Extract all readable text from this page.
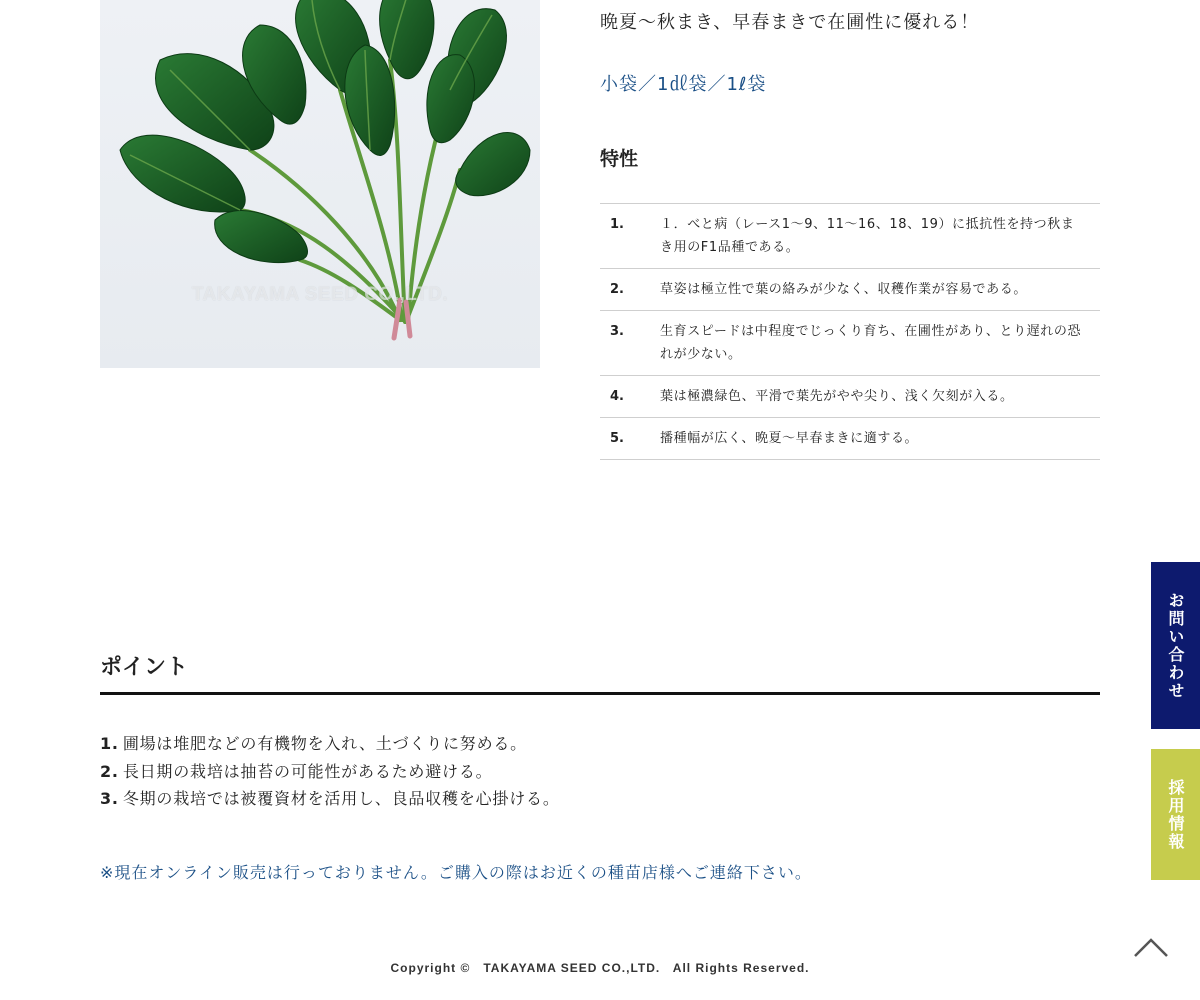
TAKAYAMA SEED CO.,LTD.
晩夏〜秋まき、早春まきで在圃性に優れる！
小袋／1㎗袋／1ℓ袋
特性
1.	１．べと病（レース1〜9、11〜16、18、19）に抵抗性を持つ秋まき用のF1品種である。
2.	草姿は極立性で葉の絡みが少なく、収穫作業が容易である。
3.	生育スピードは中程度でじっくり育ち、在圃性があり、とり遅れの恐れが少ない。
4.	葉は極濃緑色、平滑で葉先がやや尖り、浅く欠刻が入る。
5.	播種幅が広く、晩夏〜早春まきに適する。
ポイント
1. 圃場は堆肥などの有機物を入れ、土づくりに努める。
2. 長日期の栽培は抽苔の可能性があるため避ける。
3. 冬期の栽培では被覆資材を活用し、良品収穫を心掛ける。
※現在オンライン販売は行っておりません。ご購入の際はお近くの種苗店様へご連絡下さい。
Copyright ©   TAKAYAMA SEED CO.,LTD.   All Rights Reserved.
お問い合わせ
採用情報
